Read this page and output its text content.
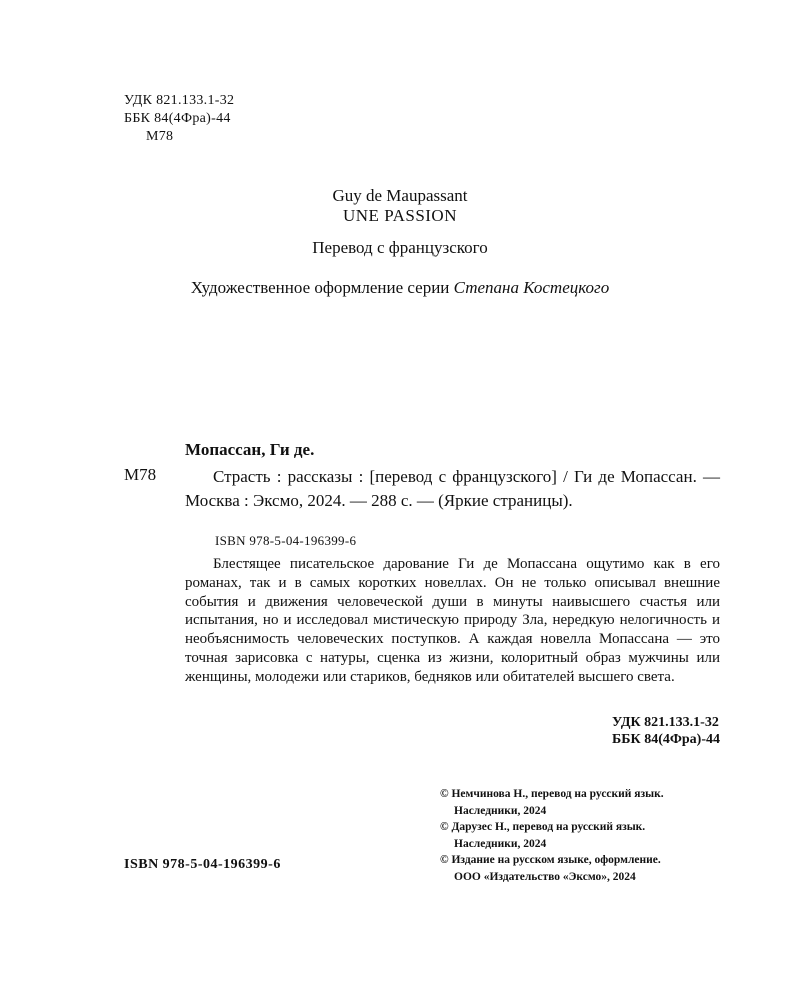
УДК 821.133.1-32
ББК 84(4Фра)-44
М78
Guy de Maupassant
UNE PASSION
Перевод с французского
Художественное оформление серии Степана Костецкого
Мопассан, Ги де.
М78	Страсть : рассказы : [перевод с французского] / Ги де Мопассан. — Москва : Эксмо, 2024. — 288 с. — (Яркие страницы).
ISBN 978-5-04-196399-6

Блестящее писательское дарование Ги де Мопассана ощутимо как в его романах, так и в самых коротких новеллах. Он не только описывал внешние события и движения человеческой души в минуты наивысшего счастья или испытания, но и исследовал мистическую природу Зла, нередкую нелогичность и необъяснимость человеческих поступков. А каждая новелла Мопассана — это точная зарисовка с натуры, сценка из жизни, колоритный образ мужчины или женщины, молодежи или стариков, бедняков или обитателей высшего света.

УДК 821.133.1-32
ББК 84(4Фра)-44
© Немчинова Н., перевод на русский язык.
Наследники, 2024
© Дарузес Н., перевод на русский язык.
Наследники, 2024
© Издание на русском языке, оформление.
ООО «Издательство «Эксмо», 2024
ISBN 978-5-04-196399-6
